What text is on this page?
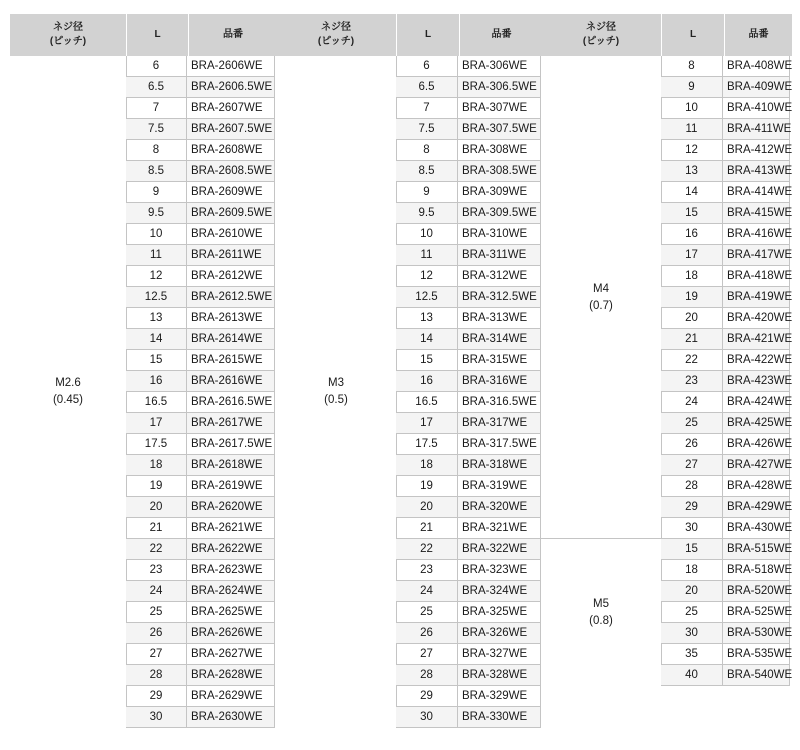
ネジ径
(ピッチ)
L	品番
M2.6
(0.45)
6	BRA-2606WE
6.5	BRA-2606.5WE
7	BRA-2607WE
7.5	BRA-2607.5WE
8	BRA-2608WE
8.5	BRA-2608.5WE
9	BRA-2609WE
9.5	BRA-2609.5WE
10	BRA-2610WE
11	BRA-2611WE
12	BRA-2612WE
12.5	BRA-2612.5WE
13	BRA-2613WE
14	BRA-2614WE
15	BRA-2615WE
16	BRA-2616WE
16.5	BRA-2616.5WE
17	BRA-2617WE
17.5	BRA-2617.5WE
18	BRA-2618WE
19	BRA-2619WE
20	BRA-2620WE
21	BRA-2621WE
22	BRA-2622WE
23	BRA-2623WE
24	BRA-2624WE
25	BRA-2625WE
26	BRA-2626WE
27	BRA-2627WE
28	BRA-2628WE
29	BRA-2629WE
30	BRA-2630WE
ネジ径
(ピッチ)
L	品番
M3
(0.5)
6	BRA-306WE
6.5	BRA-306.5WE
7	BRA-307WE
7.5	BRA-307.5WE
8	BRA-308WE
8.5	BRA-308.5WE
9	BRA-309WE
9.5	BRA-309.5WE
10	BRA-310WE
11	BRA-311WE
12	BRA-312WE
12.5	BRA-312.5WE
13	BRA-313WE
14	BRA-314WE
15	BRA-315WE
16	BRA-316WE
16.5	BRA-316.5WE
17	BRA-317WE
17.5	BRA-317.5WE
18	BRA-318WE
19	BRA-319WE
20	BRA-320WE
21	BRA-321WE
22	BRA-322WE
23	BRA-323WE
24	BRA-324WE
25	BRA-325WE
26	BRA-326WE
27	BRA-327WE
28	BRA-328WE
29	BRA-329WE
30	BRA-330WE
ネジ径
(ピッチ)
L	品番
M4
(0.7)
8	BRA-408WE
9	BRA-409WE
10	BRA-410WE
11	BRA-411WE
12	BRA-412WE
13	BRA-413WE
14	BRA-414WE
15	BRA-415WE
16	BRA-416WE
17	BRA-417WE
18	BRA-418WE
19	BRA-419WE
20	BRA-420WE
21	BRA-421WE
22	BRA-422WE
23	BRA-423WE
24	BRA-424WE
25	BRA-425WE
26	BRA-426WE
27	BRA-427WE
28	BRA-428WE
29	BRA-429WE
30	BRA-430WE
M5
(0.8)
15	BRA-515WE
18	BRA-518WE
20	BRA-520WE
25	BRA-525WE
30	BRA-530WE
35	BRA-535WE
40	BRA-540WE
